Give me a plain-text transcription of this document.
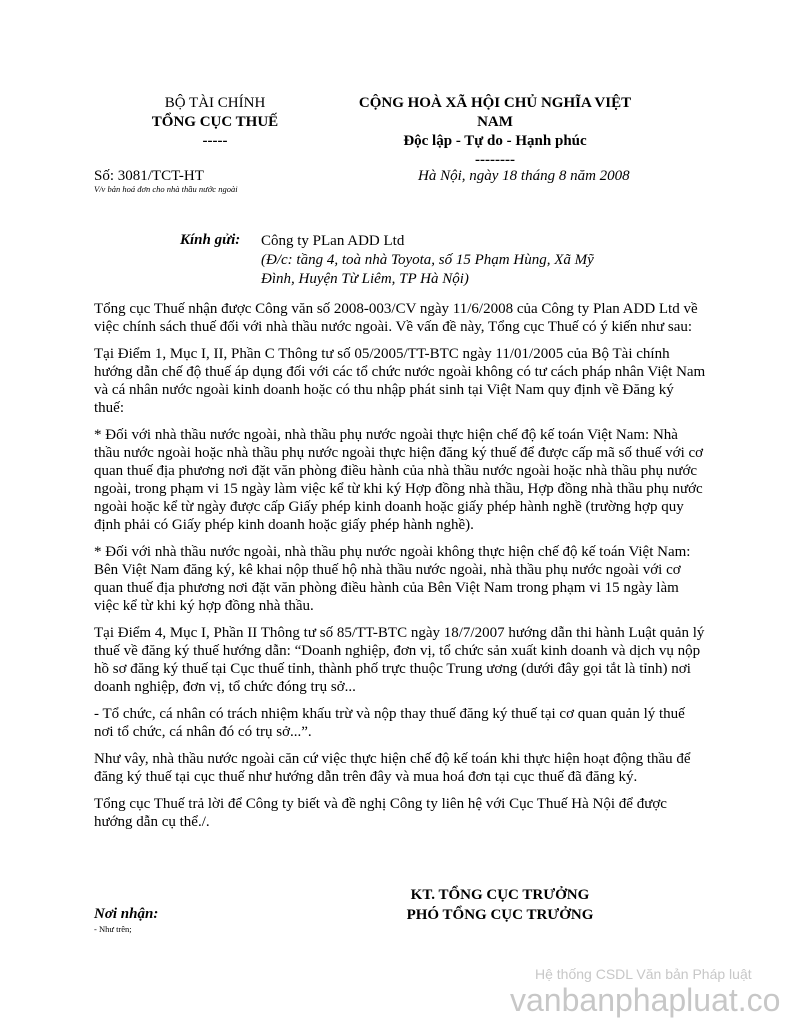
BỘ TÀI CHÍNH
TỔNG CỤC THUẾ
-----
CỘNG HOÀ XÃ HỘI CHỦ NGHĨA VIỆT
NAM
Độc lập - Tự do - Hạnh phúc
--------
Số: 3081/TCT-HT
V/v bản hoá đơn cho nhà thầu nước ngoài
Hà Nội, ngày 18 tháng 8 năm 2008
Kính gửi: Công ty PLan ADD Ltd
(Đ/c: tầng 4, toà nhà Toyota, số 15 Phạm Hùng, Xã Mỹ Đình, Huyện Từ Liêm, TP Hà Nội)

Tổng cục Thuế nhận được Công văn số 2008-003/CV ngày 11/6/2008 của Công ty Plan ADD Ltd về việc chính sách thuế đối với nhà thầu nước ngoài. Về vấn đề này, Tổng cục Thuế có ý kiến như sau:

Tại Điểm 1, Mục I, II, Phần C Thông tư số 05/2005/TT-BTC ngày 11/01/2005 của Bộ Tài chính hướng dẫn chế độ thuế áp dụng đối với các tổ chức nước ngoài không có tư cách pháp nhân Việt Nam và cá nhân nước ngoài kinh doanh hoặc có thu nhập phát sinh tại Việt Nam quy định về Đăng ký thuế:

* Đối với nhà thầu nước ngoài, nhà thầu phụ nước ngoài thực hiện chế độ kế toán Việt Nam: Nhà thầu nước ngoài hoặc nhà thầu phụ nước ngoài thực hiện đăng ký thuế để được cấp mã số thuế với cơ quan thuế địa phương nơi đặt văn phòng điều hành của nhà thầu nước ngoài hoặc nhà thầu phụ nước ngoài, trong phạm vi 15 ngày làm việc kể từ khi ký Hợp đồng nhà thầu, Hợp đồng nhà thầu phụ nước ngoài hoặc kể từ ngày được cấp Giấy phép kinh doanh hoặc giấy phép hành nghề (trường hợp quy định phải có Giấy phép kinh doanh hoặc giấy phép hành nghề).

* Đối với nhà thầu nước ngoài, nhà thầu phụ nước ngoài không thực hiện chế độ kế toán Việt Nam: Bên Việt Nam đăng ký, kê khai nộp thuế hộ nhà thầu nước ngoài, nhà thầu phụ nước ngoài với cơ quan thuế địa phương nơi đặt văn phòng điều hành của Bên Việt Nam trong phạm vi 15 ngày làm việc kể từ khi ký hợp đồng nhà thầu.

Tại Điểm 4, Mục I, Phần II Thông tư số 85/TT-BTC ngày 18/7/2007 hướng dẫn thi hành Luật quản lý thuế về đăng ký thuế hướng dẫn: “Doanh nghiệp, đơn vị, tổ chức sản xuất kinh doanh và dịch vụ nộp hồ sơ đăng ký thuế tại Cục thuế tỉnh, thành phố trực thuộc Trung ương (dưới đây gọi tắt là tỉnh) nơi doanh nghiệp, đơn vị, tổ chức đóng trụ sở...

- Tổ chức, cá nhân có trách nhiệm khấu trừ và nộp thay thuế đăng ký thuế tại cơ quan quản lý thuế nơi tổ chức, cá nhân đó có trụ sở...”.

Như vây, nhà thầu nước ngoài căn cứ việc thực hiện chế độ kế toán khi thực hiện hoạt động thầu để đăng ký thuế tại cục thuế như hướng dẫn trên đây và mua hoá đơn tại cục thuế đã đăng ký.

Tổng cục Thuế trả lời để Công ty biết và đề nghị Công ty liên hệ với Cục Thuế Hà Nội để được hướng dẫn cụ thể./.

KT. TỔNG CỤC TRƯỞNG
PHÓ TỔNG CỤC TRƯỞNG
Nơi nhận:
- Như trên;
Hệ thống CSDL Văn bản Pháp luật
vanbanphapluat.co
